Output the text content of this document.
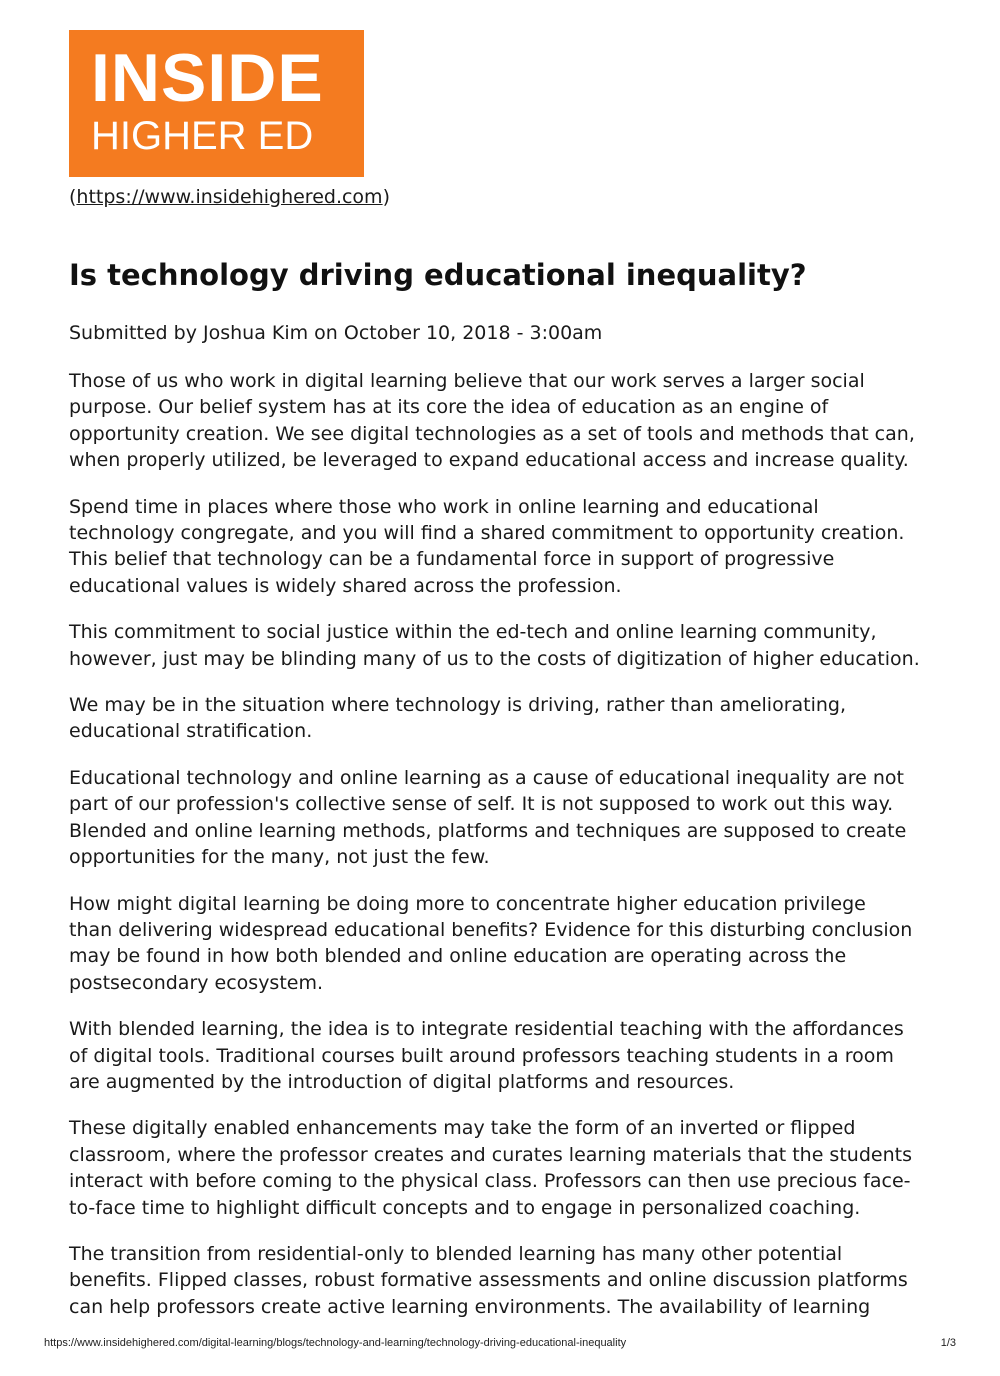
INSIDE
HIGHER ED
(https://www.insidehighered.com)
Is technology driving educational inequality?
Submitted by Joshua Kim on October 10, 2018 - 3:00am

Those of us who work in digital learning believe that our work serves a larger social
purpose. Our belief system has at its core the idea of education as an engine of
opportunity creation. We see digital technologies as a set of tools and methods that can,
when properly utilized, be leveraged to expand educational access and increase quality.

Spend time in places where those who work in online learning and educational
technology congregate, and you will find a shared commitment to opportunity creation.
This belief that technology can be a fundamental force in support of progressive
educational values is widely shared across the profession.

This commitment to social justice within the ed-tech and online learning community,
however, just may be blinding many of us to the costs of digitization of higher education.

We may be in the situation where technology is driving, rather than ameliorating,
educational stratification.

Educational technology and online learning as a cause of educational inequality are not
part of our profession's collective sense of self. It is not supposed to work out this way.
Blended and online learning methods, platforms and techniques are supposed to create
opportunities for the many, not just the few.

How might digital learning be doing more to concentrate higher education privilege
than delivering widespread educational benefits? Evidence for this disturbing conclusion
may be found in how both blended and online education are operating across the
postsecondary ecosystem.

With blended learning, the idea is to integrate residential teaching with the affordances
of digital tools. Traditional courses built around professors teaching students in a room
are augmented by the introduction of digital platforms and resources.

These digitally enabled enhancements may take the form of an inverted or flipped
classroom, where the professor creates and curates learning materials that the students
interact with before coming to the physical class. Professors can then use precious face-
to-face time to highlight difficult concepts and to engage in personalized coaching.

The transition from residential-only to blended learning has many other potential
benefits. Flipped classes, robust formative assessments and online discussion platforms
can help professors create active learning environments. The availability of learning

https://www.insidehighered.com/digital-learning/blogs/technology-and-learning/technology-driving-educational-inequality	1/3
